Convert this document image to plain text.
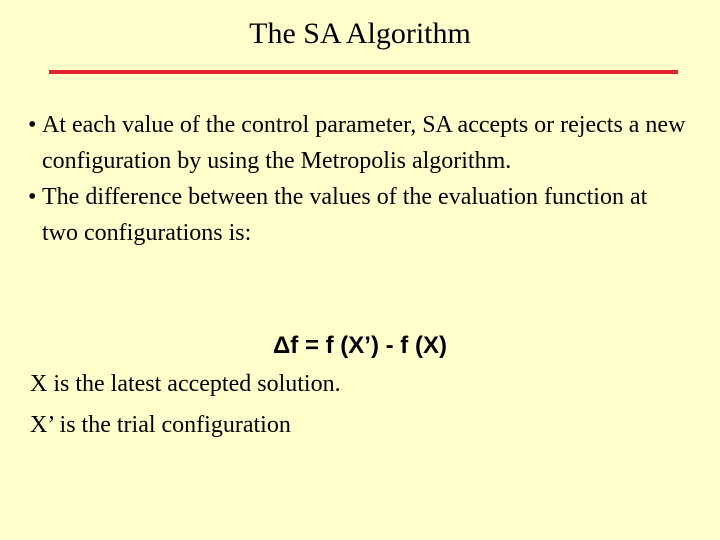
The SA Algorithm
• At each value of the control parameter, SA accepts or rejects a new configuration by using the Metropolis algorithm.
• The difference between the values of the evaluation function at two configurations is:
Δf = f (X’) - f (X)
X is the latest accepted solution.
X’ is the trial configuration
